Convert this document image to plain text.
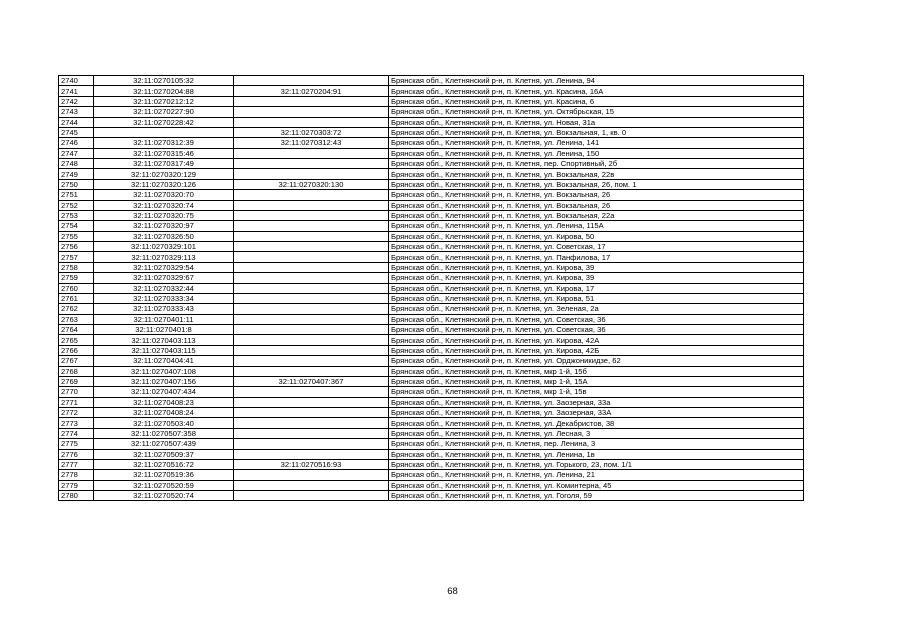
2740	32:11:0270105:32		Брянская обл., Клетнянский р-н, п. Клетня, ул. Ленина, 94
2741	32:11:0270204:88	32:11:0270204:91	Брянская обл., Клетнянский р-н, п. Клетня, ул. Красина, 16А
2742	32:11:0270212:12		Брянская обл., Клетнянский р-н, п. Клетня, ул. Красина, 6
2743	32:11:0270227:90		Брянская обл., Клетнянский р-н, п. Клетня, ул. Октябрьская, 15
2744	32:11:0270228:42		Брянская обл., Клетнянский р-н, п. Клетня, ул. Новая, 31а
2745		32:11:0270303:72	Брянская обл., Клетнянский р-н, п. Клетня, ул. Вокзальная, 1, кв. 0
2746	32:11:0270312:39	32:11:0270312:43	Брянская обл., Клетнянский р-н, п. Клетня, ул. Ленина, 141
2747	32:11:0270315:46		Брянская обл., Клетнянский р-н, п. Клетня, ул. Ленина, 150
2748	32:11:0270317:49		Брянская обл., Клетнянский р-н, п. Клетня, пер. Спортивный, 2б
2749	32:11:0270320:129		Брянская обл., Клетнянский р-н, п. Клетня, ул. Вокзальная, 22в
2750	32:11:0270320:126	32:11:0270320:130	Брянская обл., Клетнянский р-н, п. Клетня, ул. Вокзальная, 26, пом. 1
2751	32:11:0270320:70		Брянская обл., Клетнянский р-н, п. Клетня, ул. Вокзальная, 26
2752	32:11:0270320:74		Брянская обл., Клетнянский р-н, п. Клетня, ул. Вокзальная, 26
2753	32:11:0270320:75		Брянская обл., Клетнянский р-н, п. Клетня, ул. Вокзальная, 22а
2754	32:11:0270320:97		Брянская обл., Клетнянский р-н, п. Клетня, ул. Ленина, 115А
2755	32:11:0270326:50		Брянская обл., Клетнянский р-н, п. Клетня, ул. Кирова, 50
2756	32:11:0270329:101		Брянская обл., Клетнянский р-н, п. Клетня, ул. Советская, 17
2757	32:11:0270329:113		Брянская обл., Клетнянский р-н, п. Клетня, ул. Панфилова, 17
2758	32:11:0270329:54		Брянская обл., Клетнянский р-н, п. Клетня, ул. Кирова, 39
2759	32:11:0270329:67		Брянская обл., Клетнянский р-н, п. Клетня, ул. Кирова, 39
2760	32:11:0270332:44		Брянская обл., Клетнянский р-н, п. Клетня, ул. Кирова, 17
2761	32:11:0270333:34		Брянская обл., Клетнянский р-н, п. Клетня, ул. Кирова, 51
2762	32:11:0270333:43		Брянская обл., Клетнянский р-н, п. Клетня, ул. Зеленая, 2а
2763	32:11:0270401:11		Брянская обл., Клетнянский р-н, п. Клетня, ул. Советская, 36
2764	32:11:0270401:8		Брянская обл., Клетнянский р-н, п. Клетня, ул. Советская, 36
2765	32:11:0270403:113		Брянская обл., Клетнянский р-н, п. Клетня, ул. Кирова, 42А
2766	32:11:0270403:115		Брянская обл., Клетнянский р-н, п. Клетня, ул. Кирова, 42Б
2767	32:11:0270404:41		Брянская обл., Клетнянский р-н, п. Клетня, ул. Орджоникидзе, 62
2768	32:11:0270407:108		Брянская обл., Клетнянский р-н, п. Клетня, мкр 1-й, 15б
2769	32:11:0270407:156	32:11:0270407:367	Брянская обл., Клетнянский р-н, п. Клетня, мкр 1-й, 15А
2770	32:11:0270407:434		Брянская обл., Клетнянский р-н, п. Клетня, мкр 1-й, 15в
2771	32:11:0270408:23		Брянская обл., Клетнянский р-н, п. Клетня, ул. Заозерная, 33а
2772	32:11:0270408:24		Брянская обл., Клетнянский р-н, п. Клетня, ул. Заозерная, 33А
2773	32:11:0270503:40		Брянская обл., Клетнянский р-н, п. Клетня, ул. Декабристов, 38
2774	32:11:0270507:358		Брянская обл., Клетнянский р-н, п. Клетня, ул. Лесная, 3
2775	32:11:0270507:439		Брянская обл., Клетнянский р-н, п. Клетня, пер. Ленина, 3
2776	32:11:0270509:37		Брянская обл., Клетнянский р-н, п. Клетня, ул. Ленина, 1в
2777	32:11:0270516:72	32:11:0270516:93	Брянская обл., Клетнянский р-н, п. Клетня, ул. Горького, 23, пом. 1/1
2778	32:11:0270519:36		Брянская обл., Клетнянский р-н, п. Клетня, ул. Ленина, 21
2779	32:11:0270520:59		Брянская обл., Клетнянский р-н, п. Клетня, ул. Коминтерна, 45
2780	32:11:0270520:74		Брянская обл., Клетнянский р-н, п. Клетня, ул. Гоголя, 59
68
